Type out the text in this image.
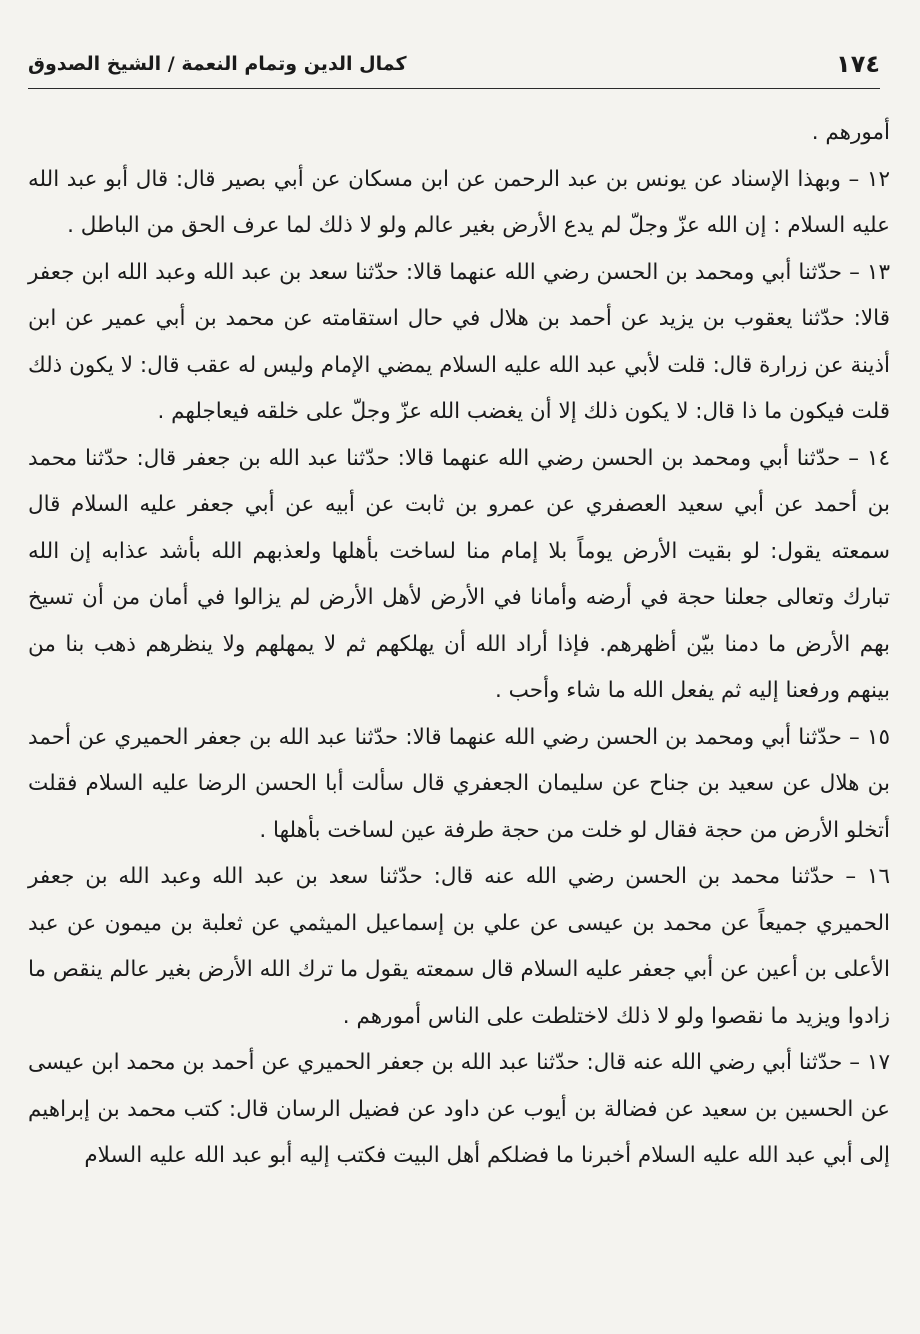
١٧٤
كمال الدين وتمام النعمة / الشيخ الصدوق

أمورهم .

١٢ – وبهذا الإسناد عن يونس بن عبد الرحمن عن ابن مسكان عن أبي بصير قال: قال أبو عبد الله عليه السلام : إن الله عزّ وجلّ لم يدع الأرض بغير عالم ولو لا ذلك لما عرف الحق من الباطل .

١٣ – حدّثنا أبي ومحمد بن الحسن رضي الله عنهما قالا: حدّثنا سعد بن عبد الله وعبد الله ابن جعفر قالا: حدّثنا يعقوب بن يزيد عن أحمد بن هلال في حال استقامته عن محمد بن أبي عمير عن ابن أذينة عن زرارة قال: قلت لأبي عبد الله عليه السلام يمضي الإمام وليس له عقب قال: لا يكون ذلك قلت فيكون ما ذا قال: لا يكون ذلك إلا أن يغضب الله عزّ وجلّ على خلقه فيعاجلهم .

١٤ – حدّثنا أبي ومحمد بن الحسن رضي الله عنهما قالا: حدّثنا عبد الله بن جعفر قال: حدّثنا محمد بن أحمد عن أبي سعيد العصفري عن عمرو بن ثابت عن أبيه عن أبي جعفر عليه السلام قال سمعته يقول: لو بقيت الأرض يوماً بلا إمام منا لساخت بأهلها ولعذبهم الله بأشد عذابه إن الله تبارك وتعالى جعلنا حجة في أرضه وأمانا في الأرض لأهل الأرض لم يزالوا في أمان من أن تسيخ بهم الأرض ما دمنا بيّن أظهرهم. فإذا أراد الله أن يهلكهم ثم لا يمهلهم ولا ينظرهم ذهب بنا من بينهم ورفعنا إليه ثم يفعل الله ما شاء وأحب .

١٥ – حدّثنا أبي ومحمد بن الحسن رضي الله عنهما قالا: حدّثنا عبد الله بن جعفر الحميري عن أحمد بن هلال عن سعيد بن جناح عن سليمان الجعفري قال سألت أبا الحسن الرضا عليه السلام فقلت أتخلو الأرض من حجة فقال لو خلت من حجة طرفة عين لساخت بأهلها .

١٦ – حدّثنا محمد بن الحسن رضي الله عنه قال: حدّثنا سعد بن عبد الله وعبد الله بن جعفر الحميري جميعاً عن محمد بن عيسى عن علي بن إسماعيل الميثمي عن ثعلبة بن ميمون عن عبد الأعلى بن أعين عن أبي جعفر عليه السلام قال سمعته يقول ما ترك الله الأرض بغير عالم ينقص ما زادوا ويزيد ما نقصوا ولو لا ذلك لاختلطت على الناس أمورهم .

١٧ – حدّثنا أبي رضي الله عنه قال: حدّثنا عبد الله بن جعفر الحميري عن أحمد بن محمد ابن عيسى عن الحسين بن سعيد عن فضالة بن أيوب عن داود عن فضيل الرسان قال: كتب محمد بن إبراهيم إلى أبي عبد الله عليه السلام أخبرنا ما فضلكم أهل البيت فكتب إليه أبو عبد الله عليه السلام
